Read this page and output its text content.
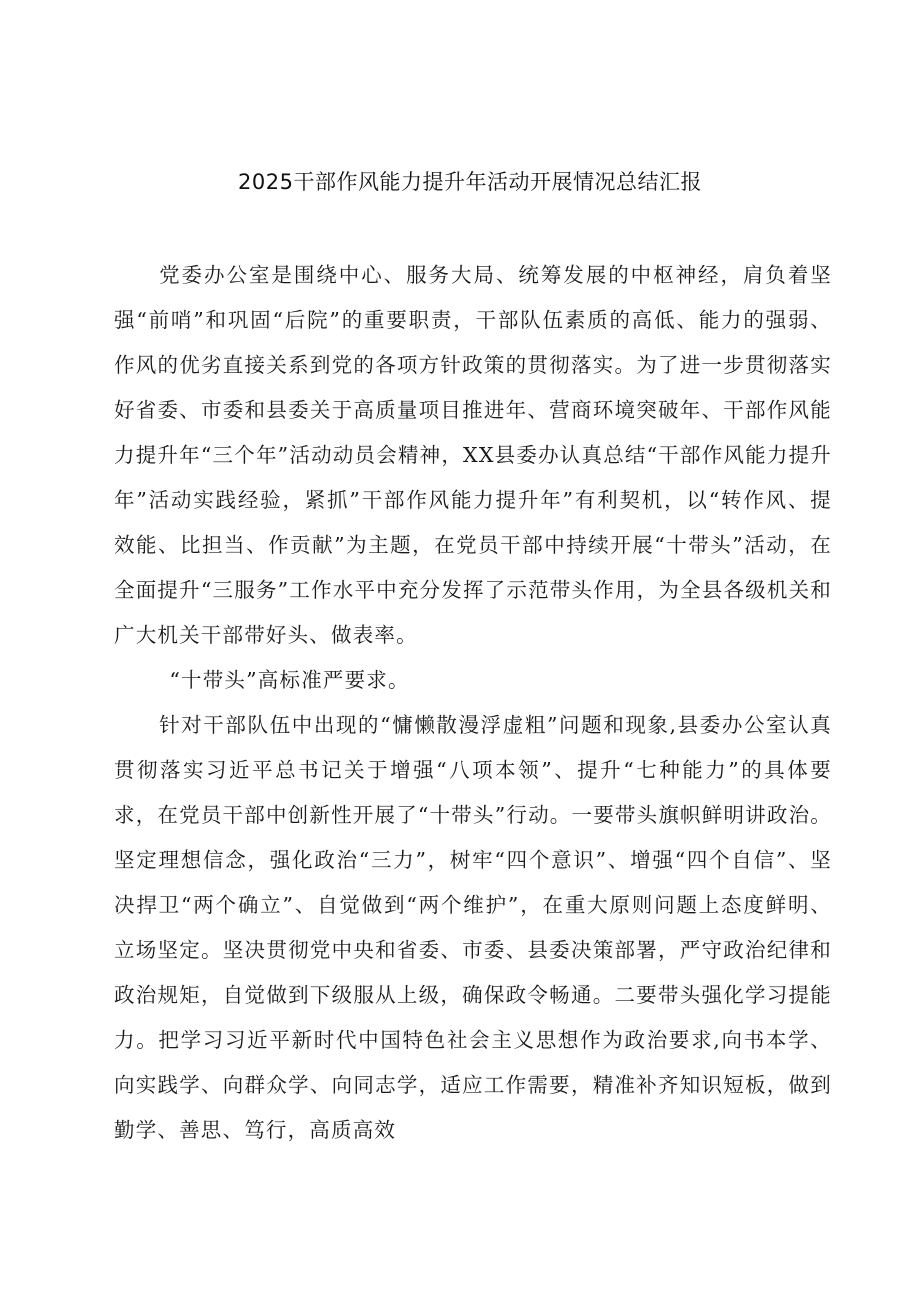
2025干部作风能力提升年活动开展情况总结汇报

党委办公室是围绕中心、服务大局、统筹发展的中枢神经，肩负着坚强“前哨”和巩固“后院”的重要职责，干部队伍素质的高低、能力的强弱、作风的优劣直接关系到党的各项方针政策的贯彻落实。为了进一步贯彻落实好省委、市委和县委关于高质量项目推进年、营商环境突破年、干部作风能力提升年“三个年”活动动员会精神，XX县委办认真总结“干部作风能力提升年”活动实践经验，紧抓”干部作风能力提升年”有利契机，以“转作风、提效能、比担当、作贡献”为主题，在党员干部中持续开展“十带头”活动，在全面提升“三服务”工作水平中充分发挥了示范带头作用，为全县各级机关和广大机关干部带好头、做表率。

“十带头”高标准严要求。

针对干部队伍中出现的“慵懒散漫浮虚粗”问题和现象,县委办公室认真贯彻落实习近平总书记关于增强“八项本领”、提升“七种能力”的具体要求，在党员干部中创新性开展了“十带头”行动。一要带头旗帜鲜明讲政治。坚定理想信念，强化政治“三力”，树牢“四个意识”、增强“四个自信”、坚决捍卫“两个确立”、自觉做到“两个维护”，在重大原则问题上态度鲜明、立场坚定。坚决贯彻党中央和省委、市委、县委决策部署，严守政治纪律和政治规矩，自觉做到下级服从上级，确保政令畅通。二要带头强化学习提能力。把学习习近平新时代中国特色社会主义思想作为政治要求,向书本学、向实践学、向群众学、向同志学，适应工作需要，精准补齐知识短板，做到勤学、善思、笃行，高质高效
